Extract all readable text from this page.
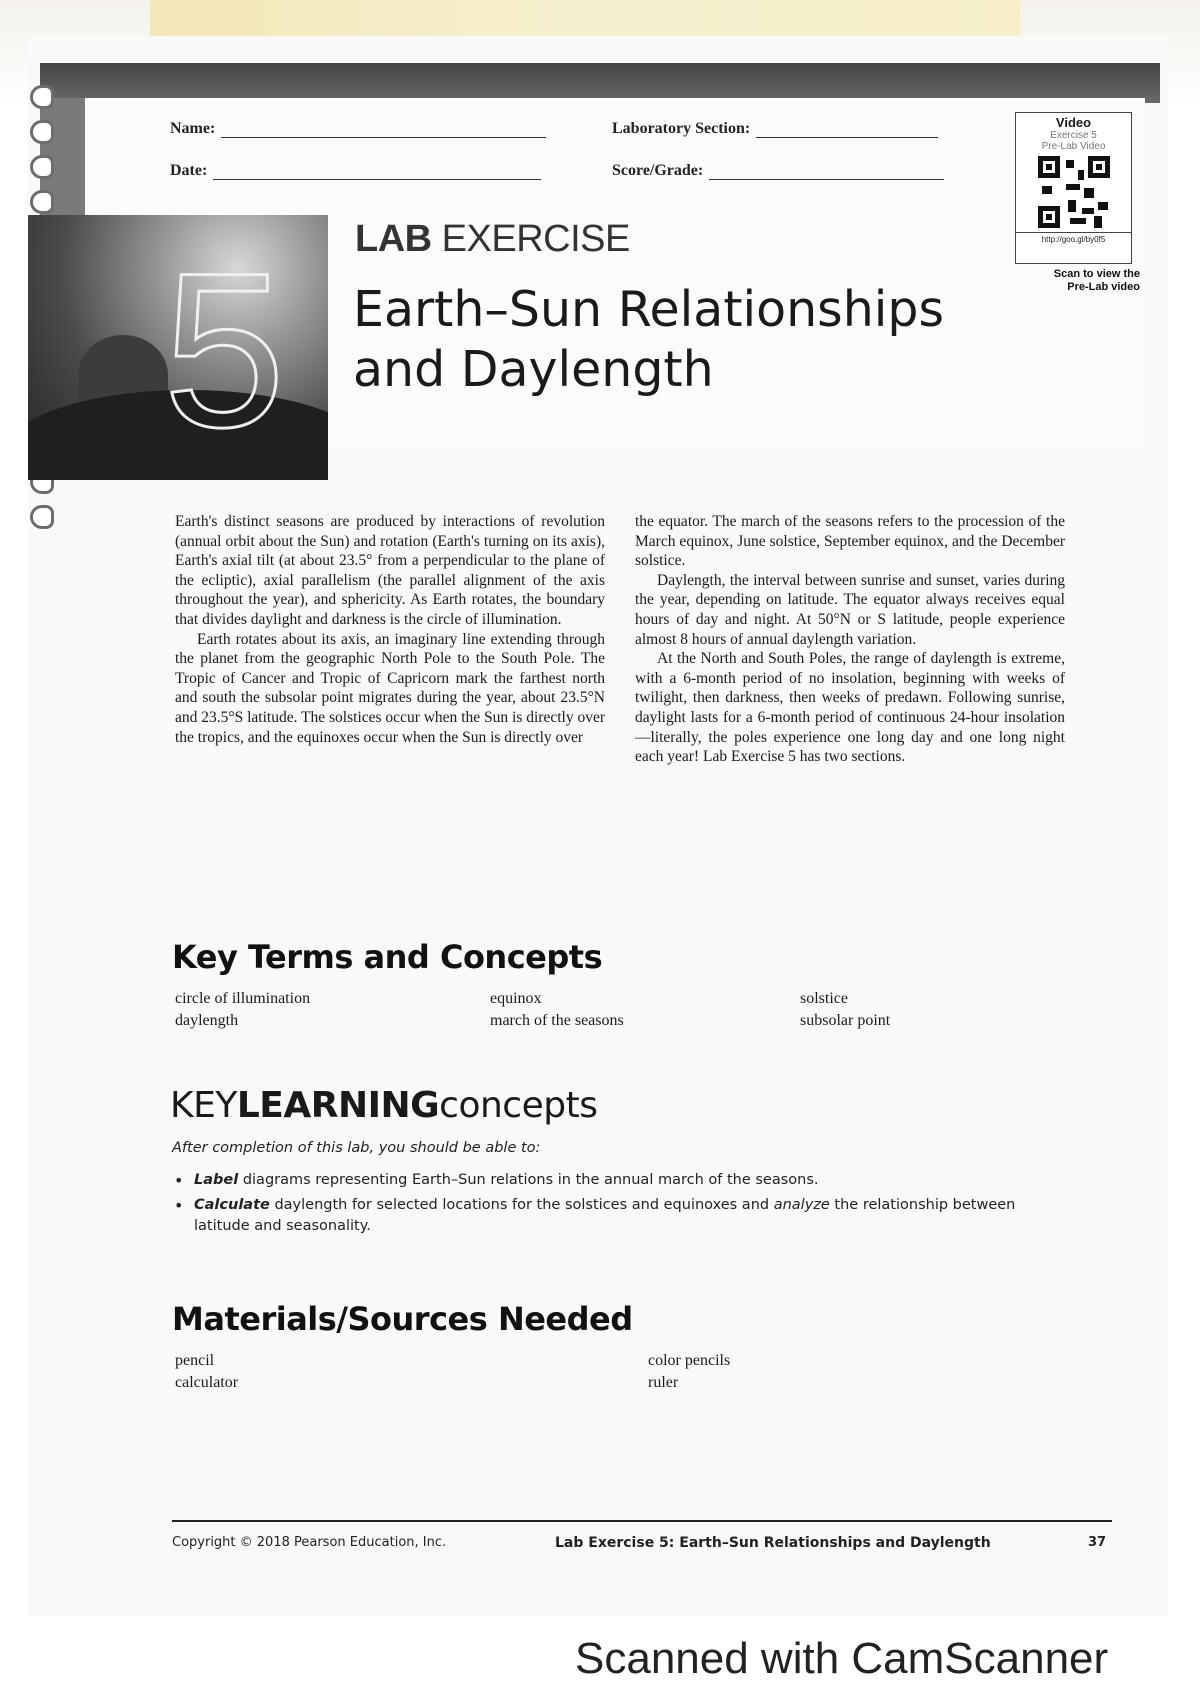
Name:
Date:
Laboratory Section:
Score/Grade:
Video
Exercise 5
Pre-Lab Video
http://goo.gl/by0f5
Scan to view the
Pre-Lab video
5 LAB EXERCISE
Earth–Sun Relationships
and Daylength

Earth's distinct seasons are produced by interactions of revolution (annual orbit about the Sun) and rotation (Earth's turning on its axis), Earth's axial tilt (at about 23.5° from a perpendicular to the plane of the ecliptic), axial parallelism (the parallel alignment of the axis throughout the year), and sphericity. As Earth rotates, the boundary that divides daylight and darkness is the circle of illumination.

Earth rotates about its axis, an imaginary line extending through the planet from the geographic North Pole to the South Pole. The Tropic of Cancer and Tropic of Capricorn mark the farthest north and south the subsolar point migrates during the year, about 23.5°N and 23.5°S latitude. The solstices occur when the Sun is directly over the tropics, and the equinoxes occur when the Sun is directly over

the equator. The march of the seasons refers to the procession of the March equinox, June solstice, September equinox, and the December solstice.

Daylength, the interval between sunrise and sunset, varies during the year, depending on latitude. The equator always receives equal hours of day and night. At 50°N or S latitude, people experience almost 8 hours of annual daylength variation.

At the North and South Poles, the range of daylength is extreme, with a 6-month period of no insolation, beginning with weeks of twilight, then darkness, then weeks of predawn. Following sunrise, daylight lasts for a 6-month period of continuous 24-hour insolation—literally, the poles experience one long day and one long night each year! Lab Exercise 5 has two sections.

Key Terms and Concepts
circle of illumination
daylength
equinox
march of the seasons
solstice
subsolar point
KEYLEARNINGconcepts
After completion of this lab, you should be able to:
• Label diagrams representing Earth–Sun relations in the annual march of the seasons.
• Calculate daylength for selected locations for the solstices and equinoxes and analyze the relationship between latitude and seasonality.
Materials/Sources Needed
pencil
calculator
color pencils
ruler
Copyright © 2018 Pearson Education, Inc.	Lab Exercise 5: Earth–Sun Relationships and Daylength	37
Scanned with CamScanner
